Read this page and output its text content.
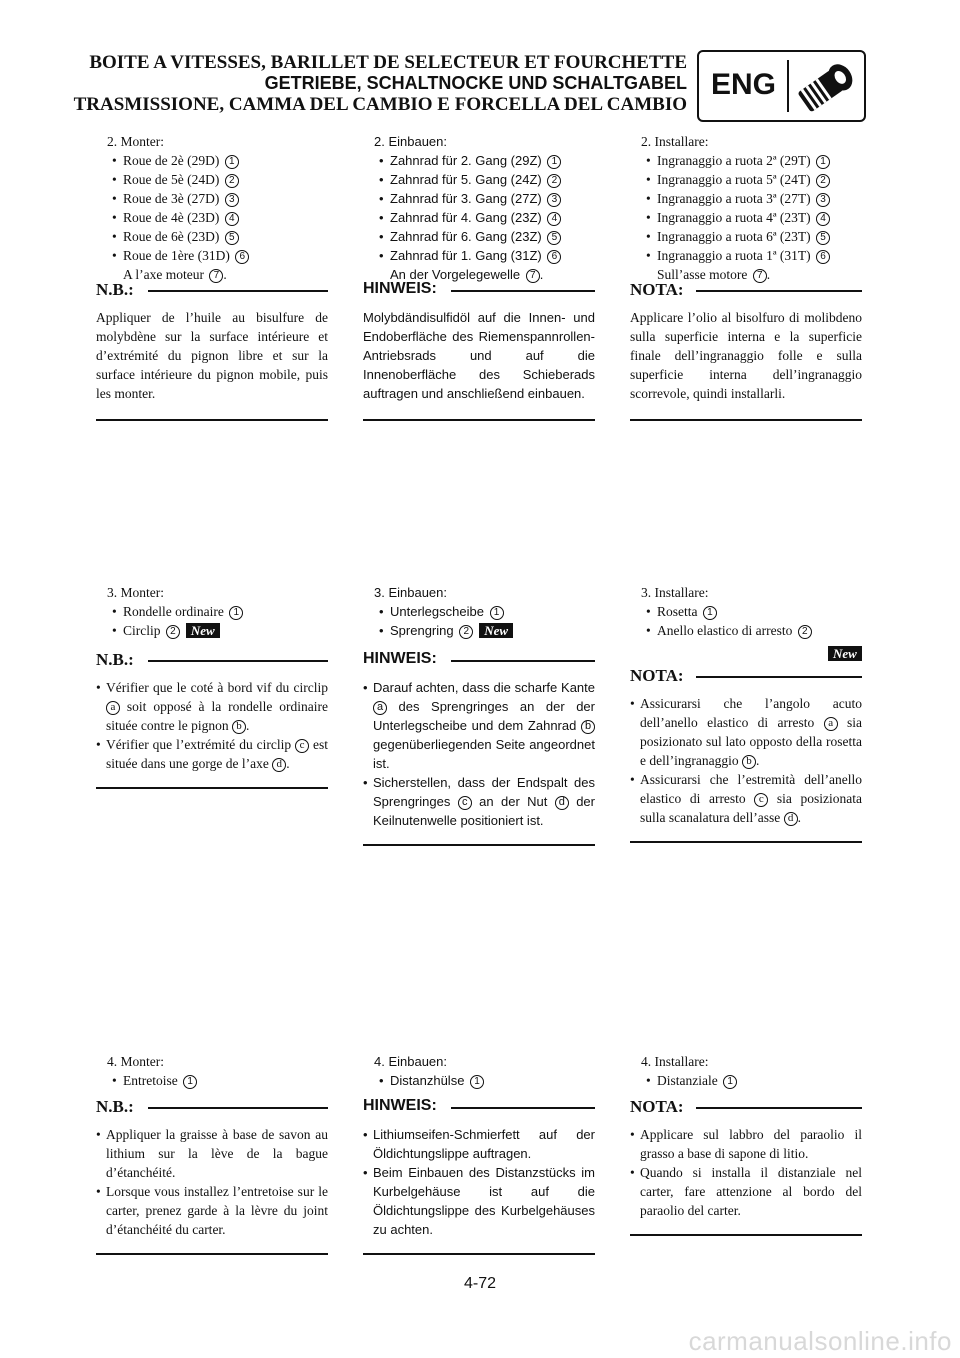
BOITE A VITESSES, BARILLET DE SELECTEUR ET FOURCHETTE
GETRIEBE, SCHALTNOCKE UND SCHALTGABEL
TRASMISSIONE, CAMMA DEL CAMBIO E FORCELLA DEL CAMBIO
ENG
2. Monter:
• Roue de 2è (29D) 1
• Roue de 5è (24D) 2
• Roue de 3è (27D) 3
• Roue de 4è (23D) 4
• Roue de 6è (23D) 5
• Roue de 1ère (31D) 6
A l’axe moteur 7 .
N.B.:
Appliquer de l’huile au bisulfure de molybdène sur la surface intérieure et d’extrémité du pignon libre et sur la surface intérieure du pignon mobile, puis les monter.
3. Monter:
• Rondelle ordinaire 1
• Circlip 2 New
N.B.:
• Vérifier que le coté à bord vif du circlip a soit opposé à la rondelle ordinaire située contre le pignon b .
• Vérifier que l’extrémité du circlip c est située dans une gorge de l’axe d .
4. Monter:
• Entretoise 1
N.B.:
• Appliquer la graisse à base de savon au lithium sur la lève de la bague d’étanchéité.
• Lorsque vous installez l’entretoise sur le carter, prenez garde à la lèvre du joint d’étanchéité du carter.
2. Einbauen:
• Zahnrad für 2. Gang (29Z) 1
• Zahnrad für 5. Gang (24Z) 2
• Zahnrad für 3. Gang (27Z) 3
• Zahnrad für 4. Gang (23Z) 4
• Zahnrad für 6. Gang (23Z) 5
• Zahnrad für 1. Gang (31Z) 6
An der Vorgelegewelle 7 .
HINWEIS:
Molybdändisulfidöl auf die Innen- und Endoberfläche des Riemenspannrollen-Antriebsrads und auf die Innenoberfläche des Schieberads auftragen und anschließend einbauen.
3. Einbauen:
• Unterlegscheibe 1
• Sprengring 2 New
HINWEIS:
• Darauf achten, dass die scharfe Kante a des Sprengringes an der der Unterlegscheibe und dem Zahnrad b gegenüberliegenden Seite angeordnet ist.
• Sicherstellen, dass der Endspalt des Sprengringes c an der Nut d der Keilnutenwelle positioniert ist.
4. Einbauen:
• Distanzhülse 1
HINWEIS:
• Lithiumseifen-Schmierfett auf der Öldichtungslippe auftragen.
• Beim Einbauen des Distanzstücks im Kurbelgehäuse ist auf die Öldichtungslippe des Kurbelgehäuses zu achten.
2. Installare:
• Ingranaggio a ruota 2ª (29T) 1
• Ingranaggio a ruota 5ª (24T) 2
• Ingranaggio a ruota 3ª (27T) 3
• Ingranaggio a ruota 4ª (23T) 4
• Ingranaggio a ruota 6ª (23T) 5
• Ingranaggio a ruota 1ª (31T) 6
Sull’asse motore 7 .
NOTA:
Applicare l’olio al bisolfuro di molibdeno sulla superficie interna e la superficie finale dell’ingranaggio folle e sulla superficie interna dell’ingranaggio scorrevole, quindi installarli.
3. Installare:
• Rosetta 1
• Anello elastico di arresto 2
New
NOTA:
• Assicurarsi che l’angolo acuto dell’anello elastico di arresto a sia posizionato sul lato opposto della rosetta e dell’ingranaggio b .
• Assicurarsi che l’estremità dell’anello elastico di arresto c sia posizionata sulla scanalatura dell’asse d .
4. Installare:
• Distanziale 1
NOTA:
• Applicare sul labbro del paraolio il grasso a base di sapone di litio.
• Quando si installa il distanziale nel carter, fare attenzione al bordo del paraolio del carter.
4-72
carmanualsonline.info
